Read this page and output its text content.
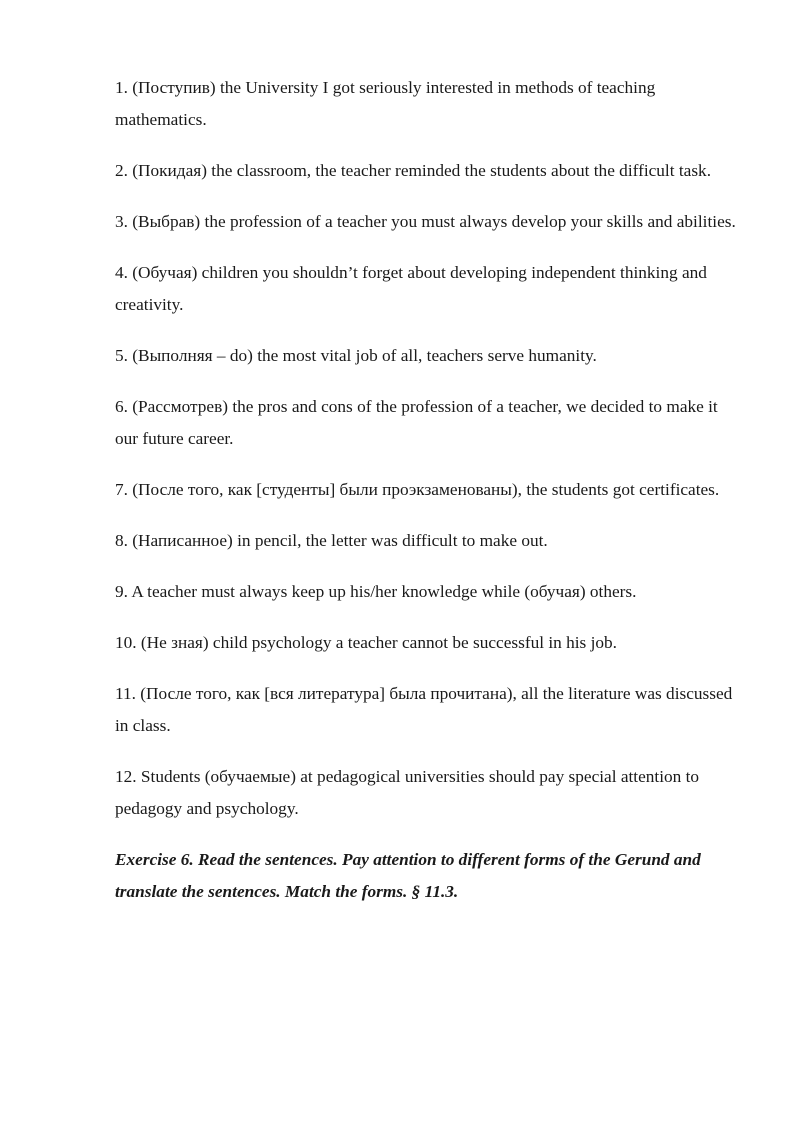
1. (Поступив) the University I got seriously interested in methods of teaching mathematics.

2. (Покидая) the classroom, the teacher reminded the students about the difficult task.

3. (Выбрав) the profession of a teacher you must always develop your skills and abilities.

4. (Обучая) children you shouldn’t forget about developing independent thinking and creativity.

5. (Выполняя – do) the most vital job of all, teachers serve humanity.

6. (Рассмотрев) the pros and cons of the profession of a teacher, we decided to make it our future career.

7. (После того, как [студенты] были проэкзаменованы), the students got certificates.

8. (Написанное) in pencil, the letter was difficult to make out.

9. A teacher must always keep up his/her knowledge while (обучая) others.

10. (Не зная) child psychology a teacher cannot be successful in his job.

11. (После того, как [вся литература] была прочитана), all the literature was discussed in class.

12. Students (обучаемые) at pedagogical universities should pay special attention to pedagogy and psychology.

Exercise 6. Read the sentences. Pay attention to different forms of the Gerund and translate the sentences. Match the forms. § 11.3.
